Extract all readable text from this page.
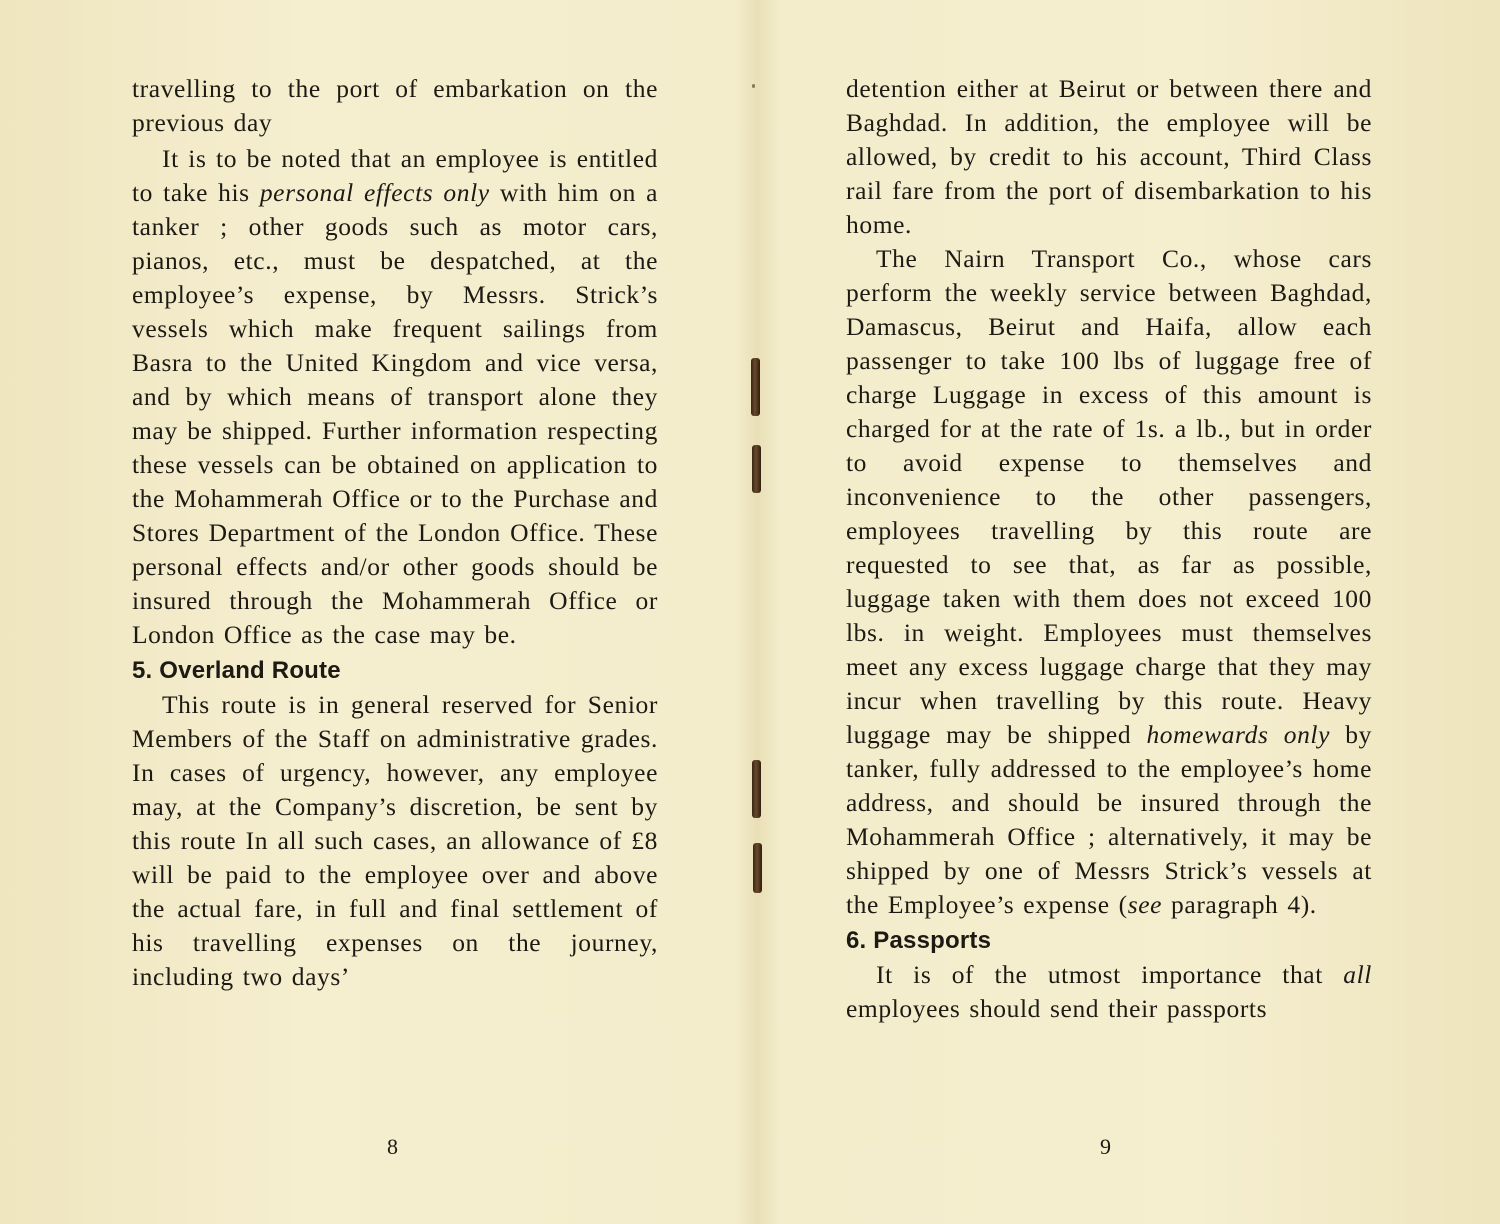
travelling to the port of embarkation on the previous day

It is to be noted that an employee is entitled to take his personal effects only with him on a tanker ; other goods such as motor cars, pianos, etc., must be despatched, at the employee’s expense, by Messrs. Strick’s vessels which make frequent sailings from Basra to the United Kingdom and vice versa, and by which means of transport alone they may be shipped. Further information respecting these vessels can be obtained on application to the Mohammerah Office or to the Purchase and Stores Department of the London Office. These personal effects and/or other goods should be insured through the Mohammerah Office or London Office as the case may be.

5. Overland Route

This route is in general reserved for Senior Members of the Staff on administrative grades. In cases of urgency, however, any employee may, at the Company’s discretion, be sent by this route In all such cases, an allowance of £8 will be paid to the employee over and above the actual fare, in full and final settlement of his travelling expenses on the journey, including two days’

8

detention either at Beirut or between there and Baghdad. In addition, the employee will be allowed, by credit to his account, Third Class rail fare from the port of disembarkation to his home.

The Nairn Transport Co., whose cars perform the weekly service between Baghdad, Damascus, Beirut and Haifa, allow each passenger to take 100 lbs of luggage free of charge Luggage in excess of this amount is charged for at the rate of 1s. a lb., but in order to avoid expense to themselves and inconvenience to the other passengers, employees travelling by this route are requested to see that, as far as possible, luggage taken with them does not exceed 100 lbs. in weight. Employees must themselves meet any excess luggage charge that they may incur when travelling by this route. Heavy luggage may be shipped homewards only by tanker, fully addressed to the employee’s home address, and should be insured through the Mohammerah Office ; alternatively, it may be shipped by one of Messrs Strick’s vessels at the Employee’s expense (see paragraph 4).

6. Passports

It is of the utmost importance that all employees should send their passports

9
